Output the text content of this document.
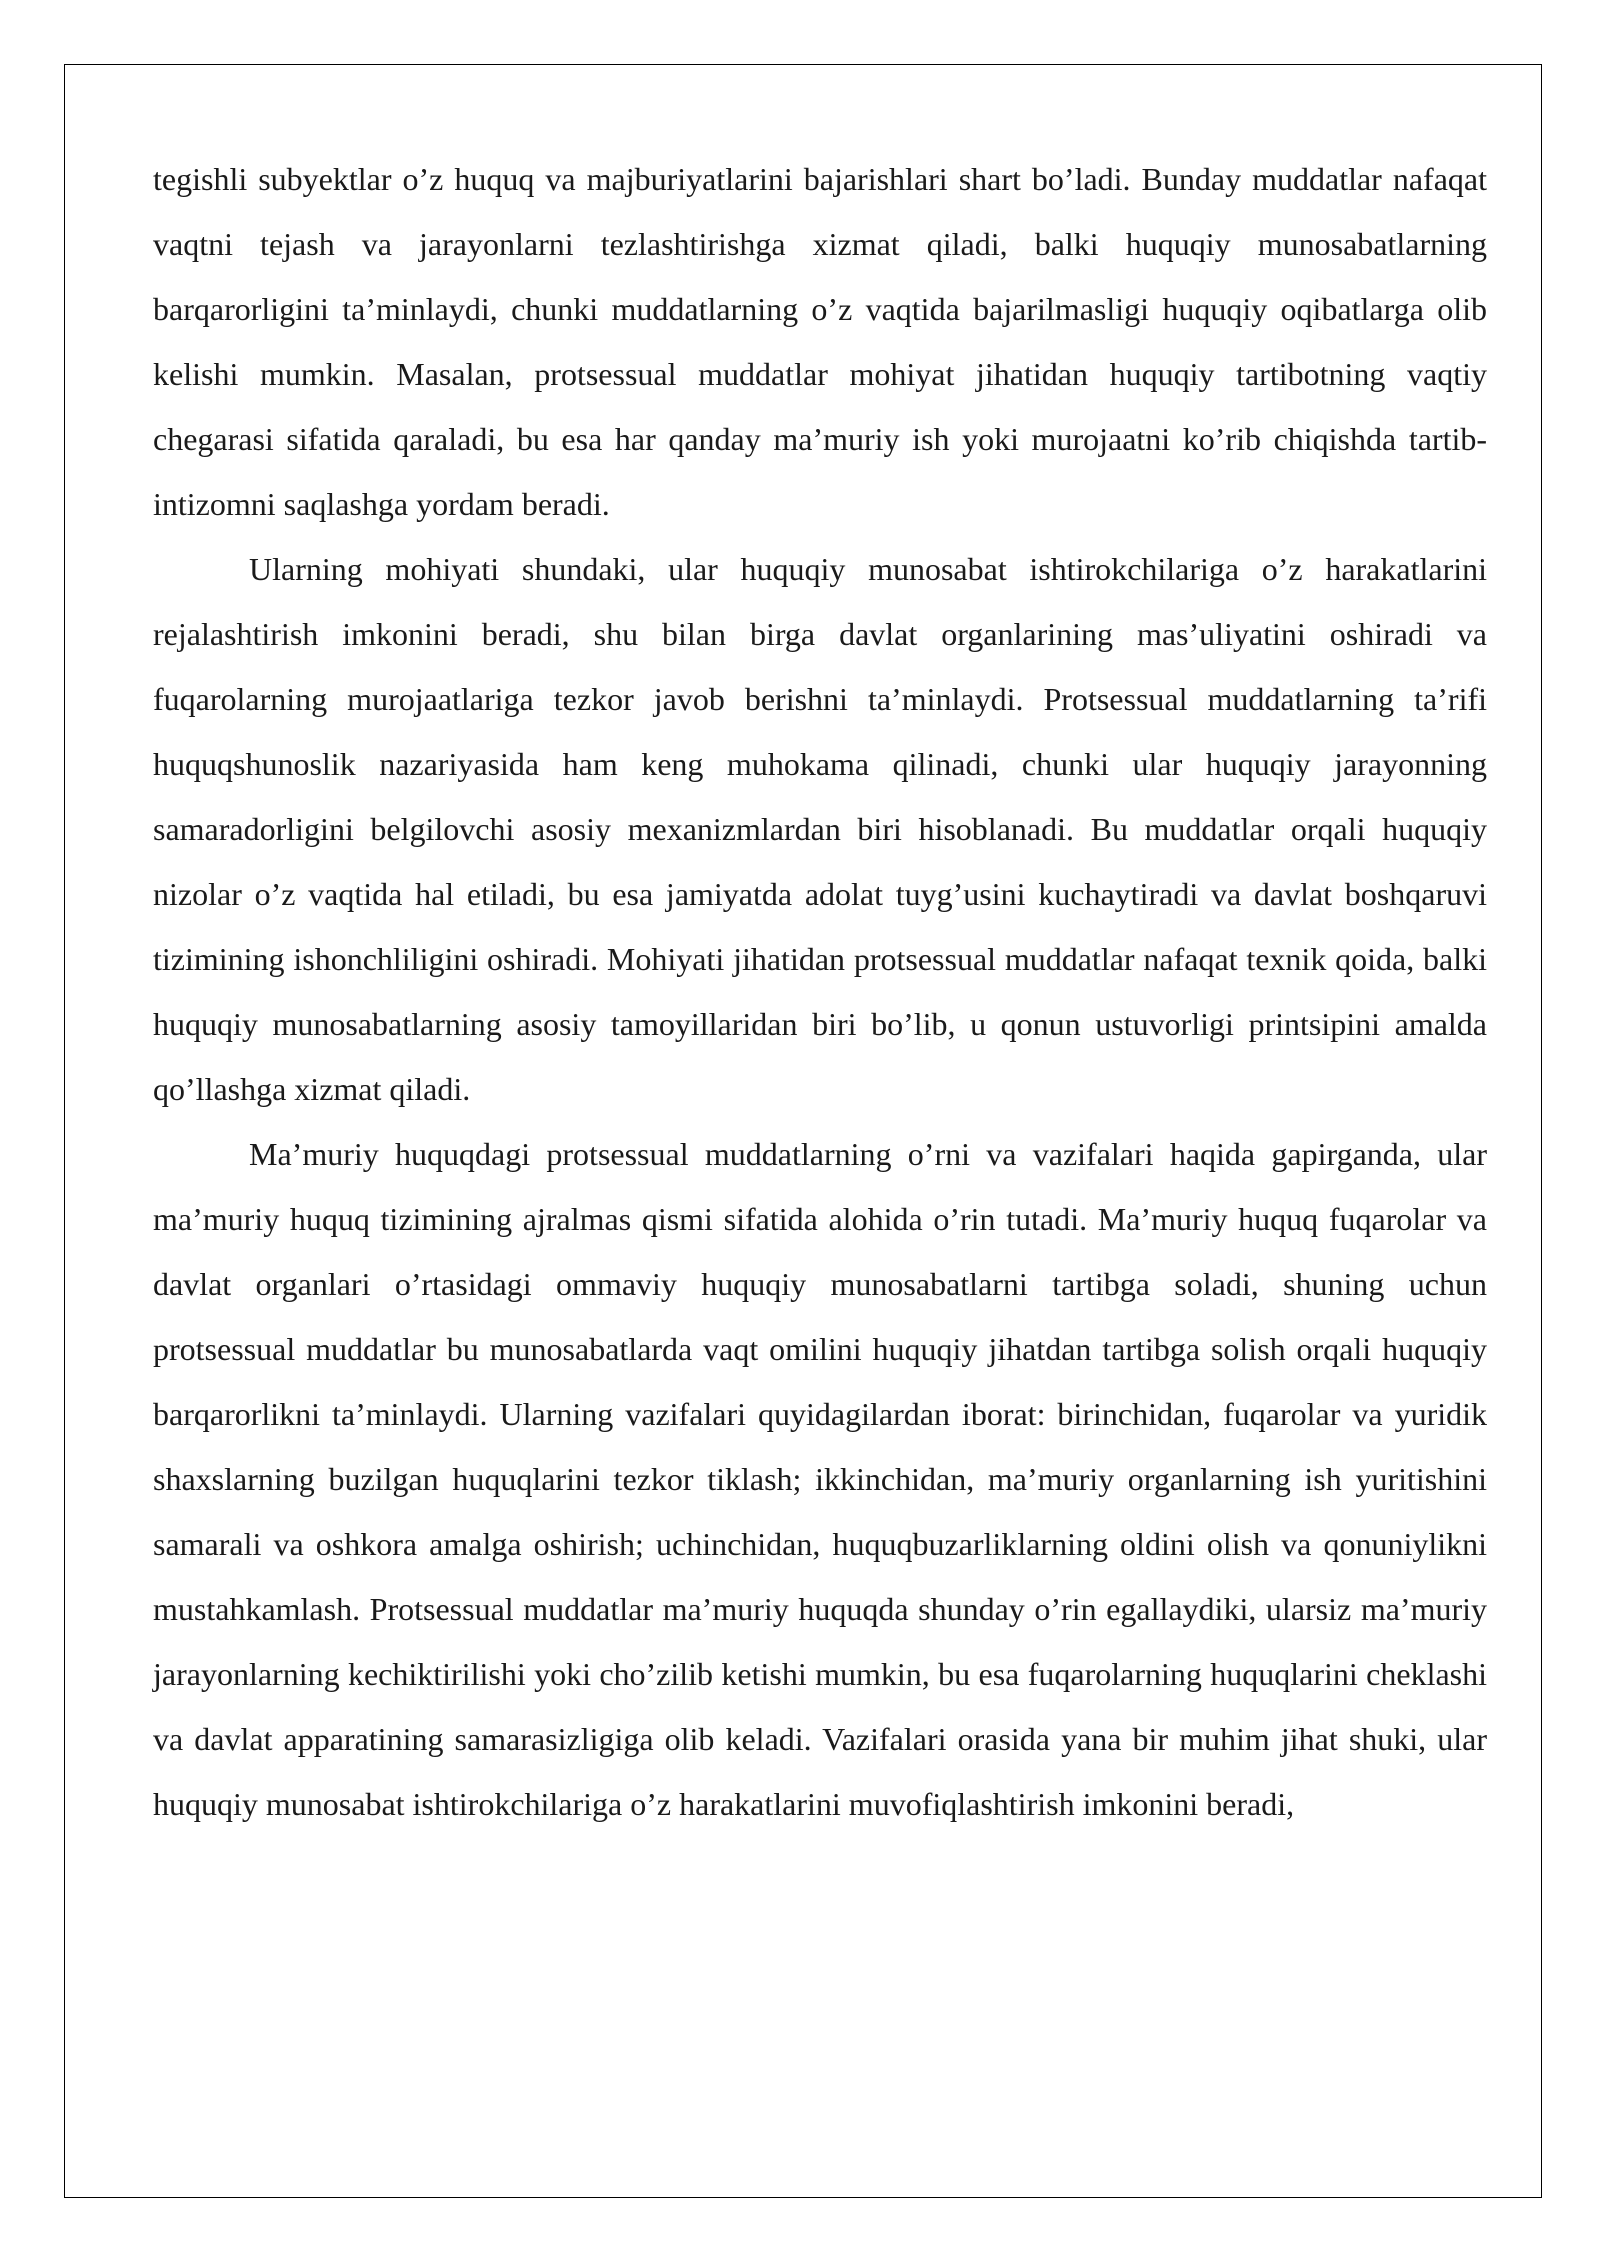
tegishli subyektlar o’z huquq va majburiyatlarini bajarishlari shart bo’ladi. Bunday muddatlar nafaqat vaqtni tejash va jarayonlarni tezlashtirishga xizmat qiladi, balki huquqiy munosabatlarning barqarorligini ta’minlaydi, chunki muddatlarning o’z vaqtida bajarilmasligi huquqiy oqibatlarga olib kelishi mumkin. Masalan, protsessual muddatlar mohiyat jihatidan huquqiy tartibotning vaqtiy chegarasi sifatida qaraladi, bu esa har qanday ma’muriy ish yoki murojaatni ko’rib chiqishda tartib-intizomni saqlashga yordam beradi.

Ularning mohiyati shundaki, ular huquqiy munosabat ishtirokchilariga o’z harakatlarini rejalashtirish imkonini beradi, shu bilan birga davlat organlarining mas’uliyatini oshiradi va fuqarolarning murojaatlariga tezkor javob berishni ta’minlaydi. Protsessual muddatlarning ta’rifi huquqshunoslik nazariyasida ham keng muhokama qilinadi, chunki ular huquqiy jarayonning samaradorligini belgilovchi asosiy mexanizmlardan biri hisoblanadi. Bu muddatlar orqali huquqiy nizolar o’z vaqtida hal etiladi, bu esa jamiyatda adolat tuyg’usini kuchaytiradi va davlat boshqaruvi tizimining ishonchliligini oshiradi. Mohiyati jihatidan protsessual muddatlar nafaqat texnik qoida, balki huquqiy munosabatlarning asosiy tamoyillaridan biri bo’lib, u qonun ustuvorligi printsipini amalda qo’llashga xizmat qiladi.

Ma’muriy huquqdagi protsessual muddatlarning o’rni va vazifalari haqida gapirganda, ular ma’muriy huquq tizimining ajralmas qismi sifatida alohida o’rin tutadi. Ma’muriy huquq fuqarolar va davlat organlari o’rtasidagi ommaviy huquqiy munosabatlarni tartibga soladi, shuning uchun protsessual muddatlar bu munosabatlarda vaqt omilini huquqiy jihatdan tartibga solish orqali huquqiy barqarorlikni ta’minlaydi. Ularning vazifalari quyidagilardan iborat: birinchidan, fuqarolar va yuridik shaxslarning buzilgan huquqlarini tezkor tiklash; ikkinchidan, ma’muriy organlarning ish yuritishini samarali va oshkora amalga oshirish; uchinchidan, huquqbuzarliklarning oldini olish va qonuniylikni mustahkamlash. Protsessual muddatlar ma’muriy huquqda shunday o’rin egallaydiki, ularsiz ma’muriy jarayonlarning kechiktirilishi yoki cho’zilib ketishi mumkin, bu esa fuqarolarning huquqlarini cheklashi va davlat apparatining samarasizligiga olib keladi. Vazifalari orasida yana bir muhim jihat shuki, ular huquqiy munosabat ishtirokchilariga o’z harakatlarini muvofiqlashtirish imkonini beradi,
